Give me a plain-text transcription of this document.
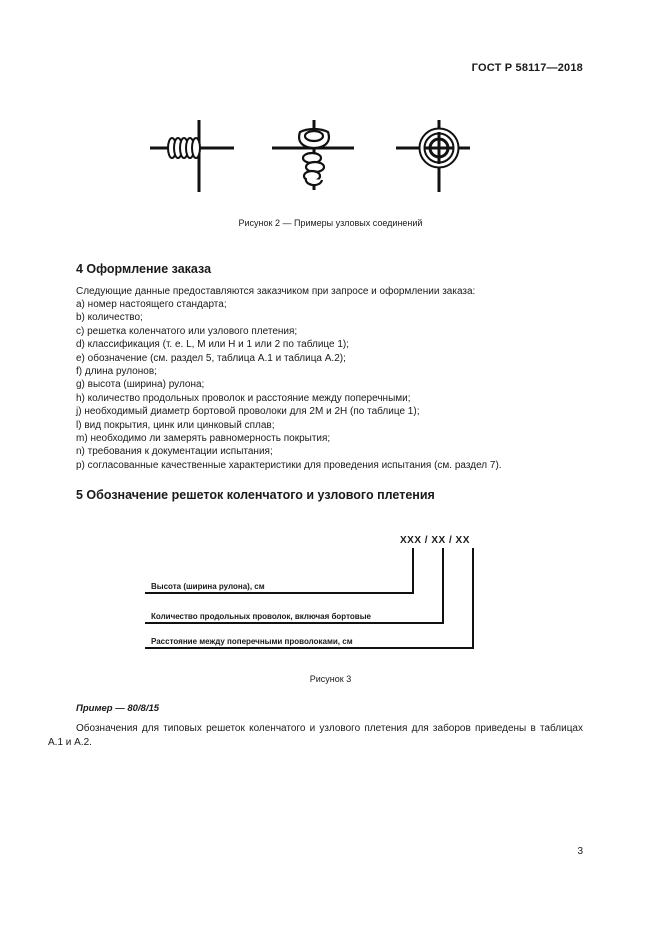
ГОСТ Р 58117—2018
Рисунок 2 — Примеры узловых соединений
4 Оформление заказа
Следующие данные предоставляются заказчиком при запросе и оформлении заказа:
а) номер настоящего стандарта;
b) количество;
c) решетка коленчатого или узлового плетения;
d) классификация (т. е. L, M или H и 1 или 2 по таблице 1);
e) обозначение (см. раздел 5, таблица А.1 и таблица А.2);
f) длина рулонов;
g) высота (ширина) рулона;
h) количество продольных проволок и расстояние между поперечными;
j) необходимый диаметр бортовой проволоки для 2M и 2H (по таблице 1);
l) вид покрытия, цинк или цинковый сплав;
m) необходимо ли замерять равномерность покрытия;
n) требования к документации испытания;
p) согласованные качественные характеристики для проведения испытания (см. раздел 7).
5 Обозначение решеток коленчатого и узлового плетения
XXX / XX / XX
Высота (ширина рулона), см
Количество продольных проволок, включая бортовые
Расстояние между поперечными проволоками, см
Рисунок 3
Пример — 80/8/15
Обозначения для типовых решеток коленчатого и узлового плетения для заборов приведены в таблицах А.1 и А.2.
3
